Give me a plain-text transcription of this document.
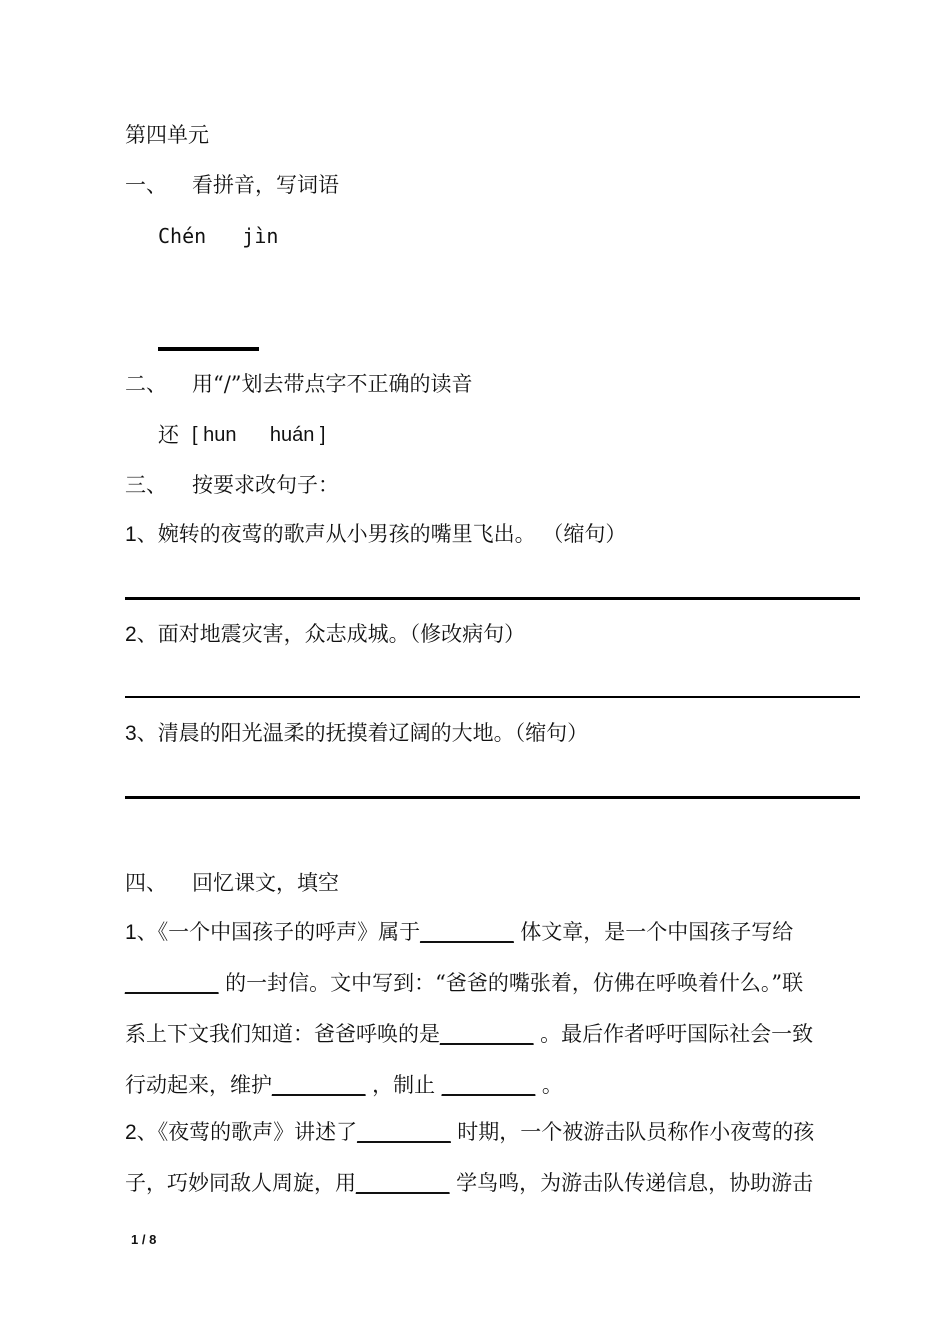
第四单元
一、 看拼音，写词语
Chén   jìn
二、 用“/”划去带点字不正确的读音
还 [ hun      huán ]
三、 按要求改句子：
1、婉转的夜莺的歌声从小男孩的嘴里飞出。 （缩句）
2、面对地震灾害，众志成城。（修改病句）
3、清晨的阳光温柔的抚摸着辽阔的大地。（缩句）
四、 回忆课文，填空
1、《一个中国孩子的呼声》属于________ 体文章，是一个中国孩子写给
________ 的一封信。文中写到：“爸爸的嘴张着，仿佛在呼唤着什么。”联
系上下文我们知道：爸爸呼唤的是________ 。最后作者呼吁国际社会一致
行动起来，维护________ ，制止 ________ 。
2、《夜莺的歌声》讲述了________ 时期，一个被游击队员称作小夜莺的孩
子，巧妙同敌人周旋，用________ 学鸟鸣，为游击队传递信息，协助游击
1 / 8
